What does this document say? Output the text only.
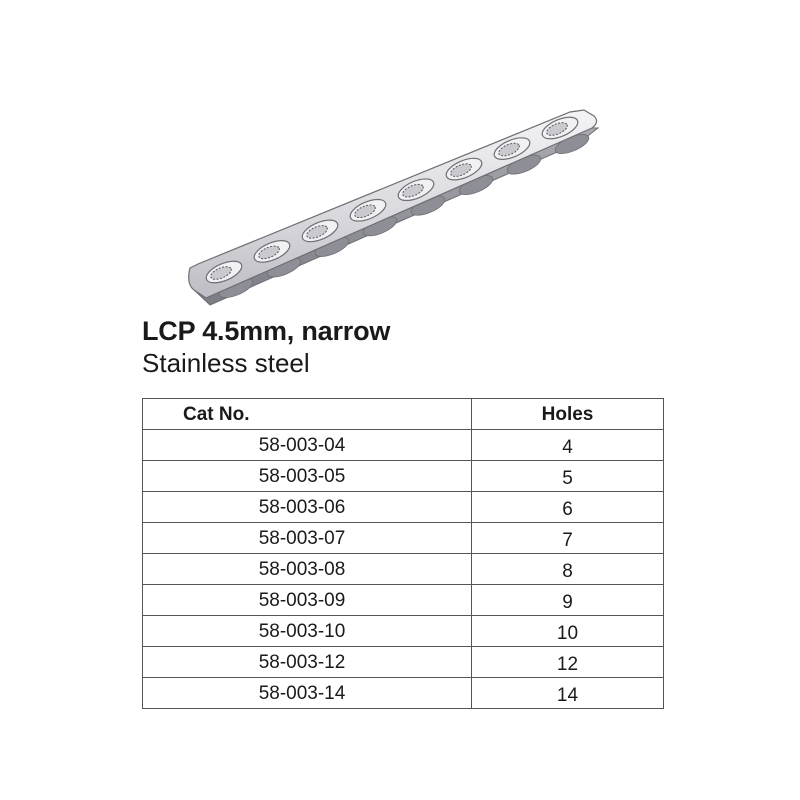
LCP 4.5mm, narrow

Stainless steel

Cat No.	Holes
58-003-04	4
58-003-05	5
58-003-06	6
58-003-07	7
58-003-08	8
58-003-09	9
58-003-10	10
58-003-12	12
58-003-14	14
